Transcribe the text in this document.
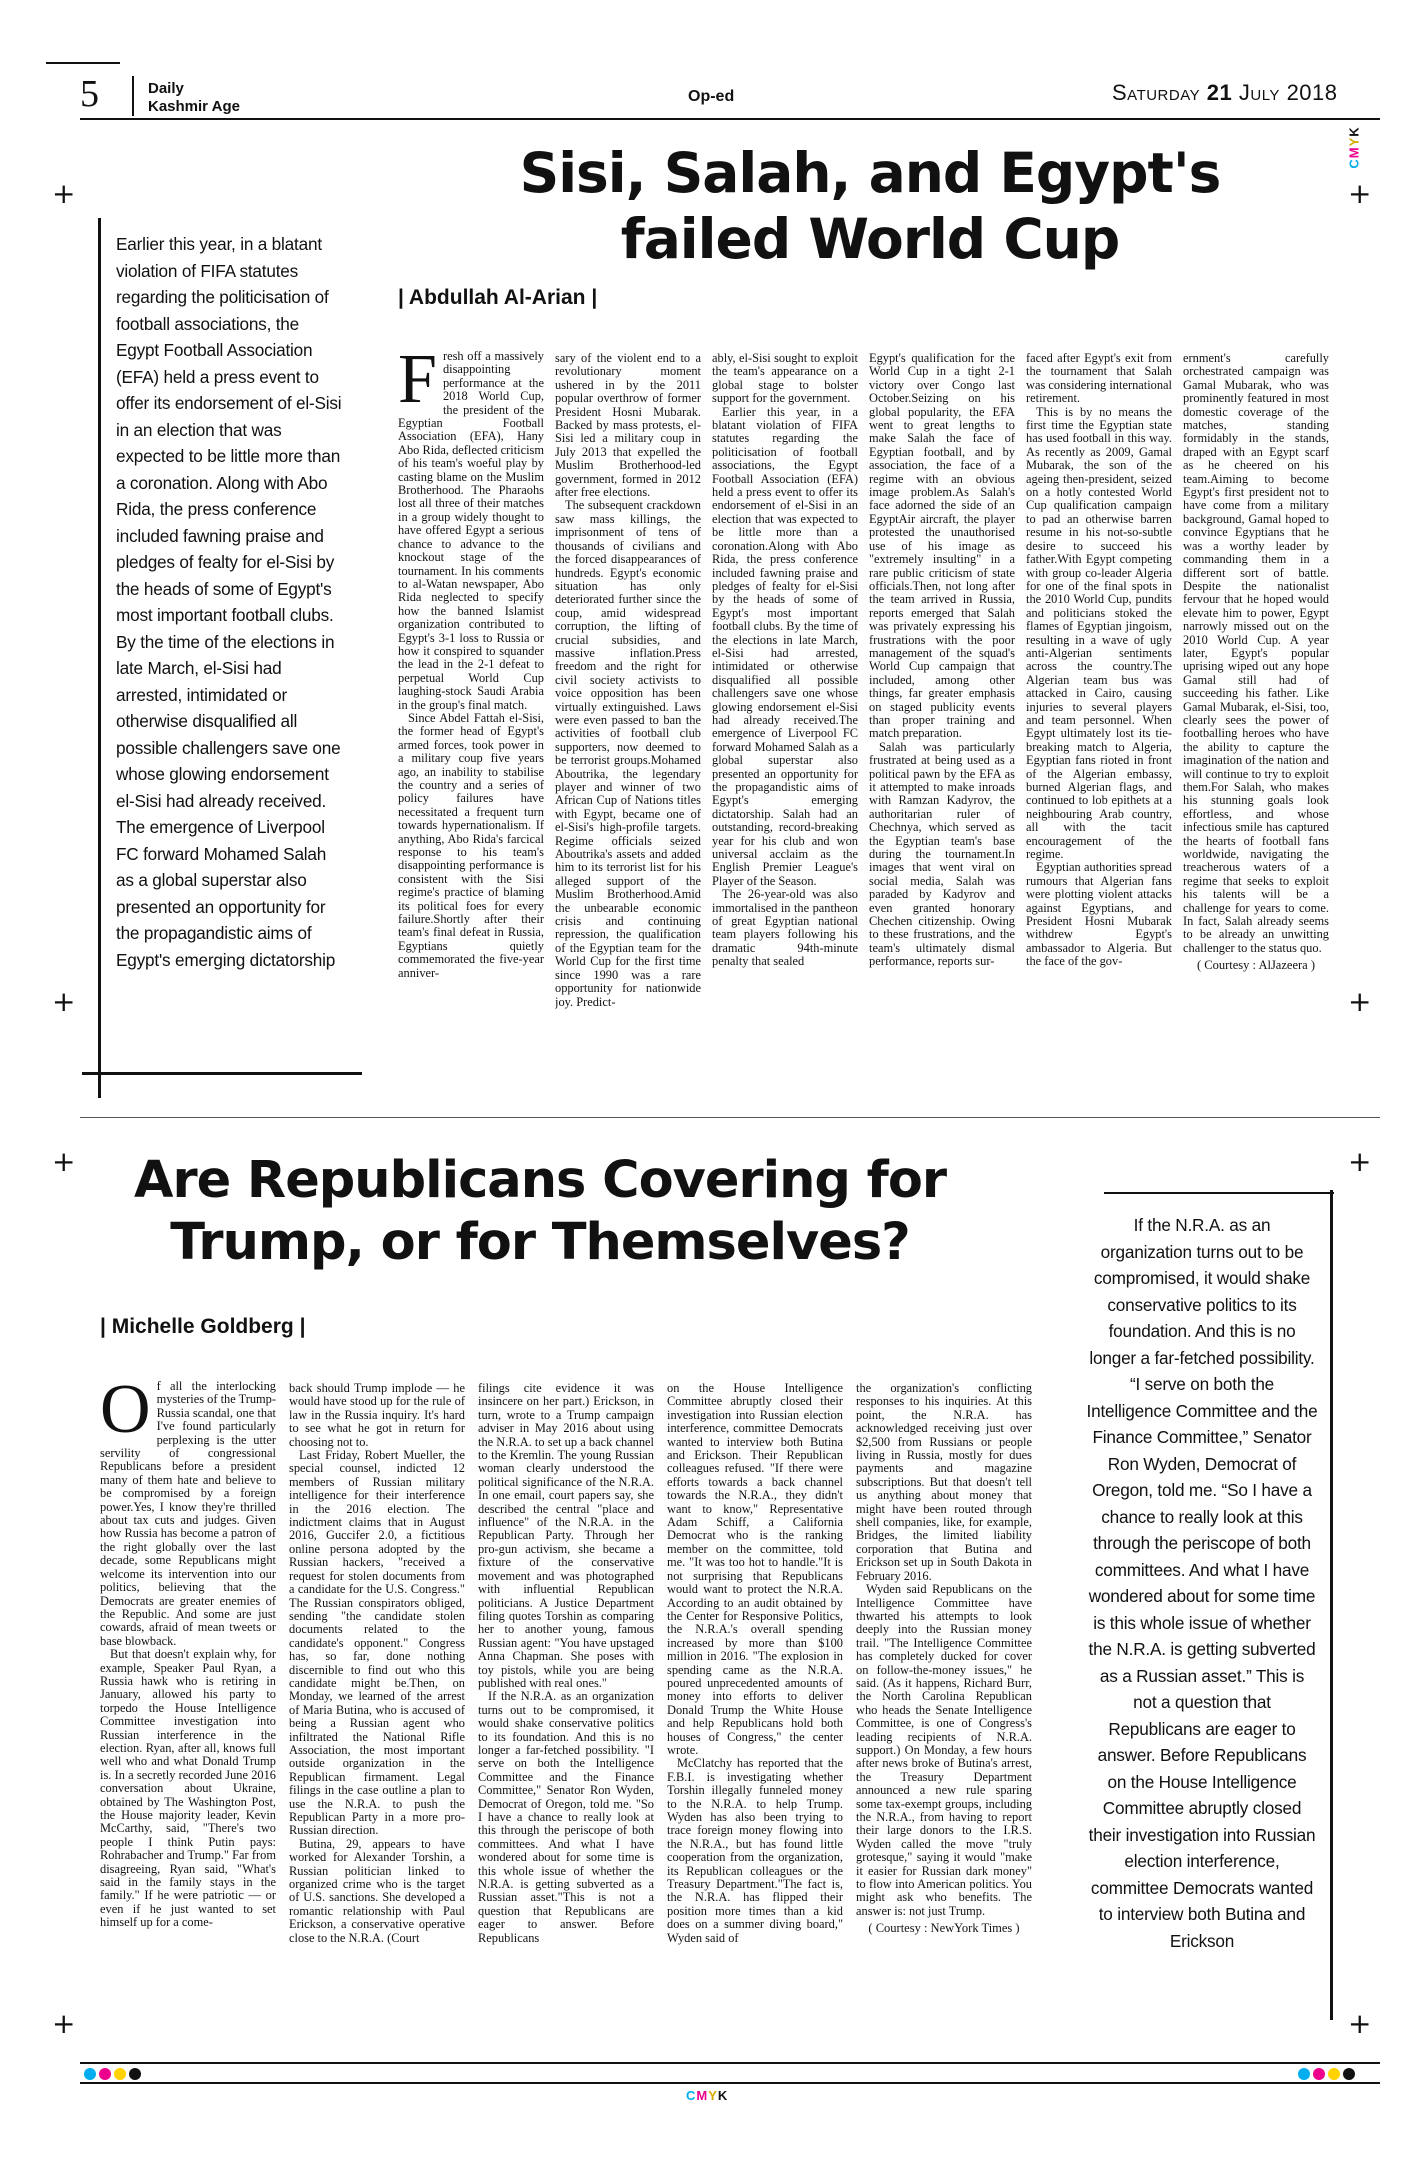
5	Daily
Kashmir Age
Op-ed	Saturday 21 July 2018
CMYK
+	+
+	+
+	+
+	+
Sisi, Salah, and Egypt's
failed World Cup
| Abdullah Al-Arian |
Earlier this year, in a blatant violation of FIFA statutes regarding the politicisation of football associations, the Egypt Football Association (EFA) held a press event to offer its endorsement of el-Sisi in an election that was expected to be little more than a coronation. Along with Abo Rida, the press conference included fawning praise and pledges of fealty for el-Sisi by the heads of some of Egypt's most important football clubs. By the time of the elections in late March, el-Sisi had arrested, intimidated or otherwise disqualified all possible challengers save one whose glowing endorsement el-Sisi had already received. The emergence of Liverpool FC forward Mohamed Salah as a global superstar also presented an opportunity for the propagandistic aims of Egypt's emerging dictatorship
F resh off a massively disappointing performance at the 2018 World Cup, the president of the Egyptian Football Association (EFA), Hany Abo Rida, deflected criticism of his team's woeful play by casting blame on the Muslim Brotherhood. The Pharaohs lost all three of their matches in a group widely thought to have offered Egypt a serious chance to advance to the knockout stage of the tournament. In his comments to al-Watan newspaper, Abo Rida neglected to specify how the banned Islamist organization contributed to Egypt's 3-1 loss to Russia or how it conspired to squander the lead in the 2-1 defeat to perpetual World Cup laughing-stock Saudi Arabia in the group's final match.

Since Abdel Fattah el-Sisi, the former head of Egypt's armed forces, took power in a military coup five years ago, an inability to stabilise the country and a series of policy failures have necessitated a frequent turn towards hypernationalism. If anything, Abo Rida's farcical response to his team's disappointing performance is consistent with the Sisi regime's practice of blaming its political foes for every failure.Shortly after their team's final defeat in Russia, Egyptians quietly commemorated the five-year anniver-

sary of the violent end to a revolutionary moment ushered in by the 2011 popular overthrow of former President Hosni Mubarak. Backed by mass protests, el-Sisi led a military coup in July 2013 that expelled the Muslim Brotherhood-led government, formed in 2012 after free elections.

The subsequent crackdown saw mass killings, the imprisonment of tens of thousands of civilians and the forced disappearances of hundreds. Egypt's economic situation has only deteriorated further since the coup, amid widespread corruption, the lifting of crucial subsidies, and massive inflation.Press freedom and the right for civil society activists to voice opposition has been virtually extinguished. Laws were even passed to ban the activities of football club supporters, now deemed to be terrorist groups.Mohamed Aboutrika, the legendary player and winner of two African Cup of Nations titles with Egypt, became one of el-Sisi's high-profile targets. Regime officials seized Aboutrika's assets and added him to its terrorist list for his alleged support of the Muslim Brotherhood.Amid the unbearable economic crisis and continuing repression, the qualification of the Egyptian team for the World Cup for the first time since 1990 was a rare opportunity for nationwide joy. Predict-

ably, el-Sisi sought to exploit the team's appearance on a global stage to bolster support for the government.

Earlier this year, in a blatant violation of FIFA statutes regarding the politicisation of football associations, the Egypt Football Association (EFA) held a press event to offer its endorsement of el-Sisi in an election that was expected to be little more than a coronation.Along with Abo Rida, the press conference included fawning praise and pledges of fealty for el-Sisi by the heads of some of Egypt's most important football clubs. By the time of the elections in late March, el-Sisi had arrested, intimidated or otherwise disqualified all possible challengers save one whose glowing endorsement el-Sisi had already received.The emergence of Liverpool FC forward Mohamed Salah as a global superstar also presented an opportunity for the propagandistic aims of Egypt's emerging dictatorship. Salah had an outstanding, record-breaking year for his club and won universal acclaim as the English Premier League's Player of the Season.

The 26-year-old was also immortalised in the pantheon of great Egyptian national team players following his dramatic 94th-minute penalty that sealed

Egypt's qualification for the World Cup in a tight 2-1 victory over Congo last October.Seizing on his global popularity, the EFA went to great lengths to make Salah the face of Egyptian football, and by association, the face of a regime with an obvious image problem.As Salah's face adorned the side of an EgyptAir aircraft, the player protested the unauthorised use of his image as "extremely insulting" in a rare public criticism of state officials.Then, not long after the team arrived in Russia, reports emerged that Salah was privately expressing his frustrations with the poor management of the squad's World Cup campaign that included, among other things, far greater emphasis on staged publicity events than proper training and match preparation.

Salah was particularly frustrated at being used as a political pawn by the EFA as it attempted to make inroads with Ramzan Kadyrov, the authoritarian ruler of Chechnya, which served as the Egyptian team's base during the tournament.In images that went viral on social media, Salah was paraded by Kadyrov and even granted honorary Chechen citizenship. Owing to these frustrations, and the team's ultimately dismal performance, reports sur-

faced after Egypt's exit from the tournament that Salah was considering international retirement.

This is by no means the first time the Egyptian state has used football in this way. As recently as 2009, Gamal Mubarak, the son of the ageing then-president, seized on a hotly contested World Cup qualification campaign to pad an otherwise barren resume in his not-so-subtle desire to succeed his father.With Egypt competing with group co-leader Algeria for one of the final spots in the 2010 World Cup, pundits and politicians stoked the flames of Egyptian jingoism, resulting in a wave of ugly anti-Algerian sentiments across the country.The Algerian team bus was attacked in Cairo, causing injuries to several players and team personnel. When Egypt ultimately lost its tie-breaking match to Algeria, Egyptian fans rioted in front of the Algerian embassy, burned Algerian flags, and continued to lob epithets at a neighbouring Arab country, all with the tacit encouragement of the regime.

Egyptian authorities spread rumours that Algerian fans were plotting violent attacks against Egyptians, and President Hosni Mubarak withdrew Egypt's ambassador to Algeria. But the face of the gov-

ernment's carefully orchestrated campaign was Gamal Mubarak, who was prominently featured in most domestic coverage of the matches, standing formidably in the stands, draped with an Egypt scarf as he cheered on his team.Aiming to become Egypt's first president not to have come from a military background, Gamal hoped to convince Egyptians that he was a worthy leader by commanding them in a different sort of battle. Despite the nationalist fervour that he hoped would elevate him to power, Egypt narrowly missed out on the 2010 World Cup. A year later, Egypt's popular uprising wiped out any hope Gamal still had of succeeding his father. Like Gamal Mubarak, el-Sisi, too, clearly sees the power of footballing heroes who have the ability to capture the imagination of the nation and will continue to try to exploit them.For Salah, who makes his stunning goals look effortless, and whose infectious smile has captured the hearts of football fans worldwide, navigating the treacherous waters of a regime that seeks to exploit his talents will be a challenge for years to come. In fact, Salah already seems to be already an unwitting challenger to the status quo.

( Courtesy : AlJazeera )
Are Republicans Covering for
Trump, or for Themselves?
| Michelle Goldberg |
If the N.R.A. as an organization turns out to be compromised, it would shake conservative politics to its foundation. And this is no longer a far-fetched possibility. “I serve on both the Intelligence Committee and the Finance Committee,” Senator Ron Wyden, Democrat of Oregon, told me. “So I have a chance to really look at this through the periscope of both committees. And what I have wondered about for some time is this whole issue of whether the N.R.A. is getting subverted as a Russian asset.” This is not a question that Republicans are eager to answer. Before Republicans on the House Intelligence Committee abruptly closed their investigation into Russian election interference, committee Democrats wanted to interview both Butina and Erickson
O f all the interlocking mysteries of the Trump-Russia scandal, one that I've found particularly perplexing is the utter servility of congressional Republicans before a president many of them hate and believe to be compromised by a foreign power.Yes, I know they're thrilled about tax cuts and judges. Given how Russia has become a patron of the right globally over the last decade, some Republicans might welcome its intervention into our politics, believing that the Democrats are greater enemies of the Republic. And some are just cowards, afraid of mean tweets or base blowback.

But that doesn't explain why, for example, Speaker Paul Ryan, a Russia hawk who is retiring in January, allowed his party to torpedo the House Intelligence Committee investigation into Russian interference in the election. Ryan, after all, knows full well who and what Donald Trump is. In a secretly recorded June 2016 conversation about Ukraine, obtained by The Washington Post, the House majority leader, Kevin McCarthy, said, "There's two people I think Putin pays: Rohrabacher and Trump." Far from disagreeing, Ryan said, "What's said in the family stays in the family." If he were patriotic — or even if he just wanted to set himself up for a come-

back should Trump implode — he would have stood up for the rule of law in the Russia inquiry. It's hard to see what he got in return for choosing not to.

Last Friday, Robert Mueller, the special counsel, indicted 12 members of Russian military intelligence for their interference in the 2016 election. The indictment claims that in August 2016, Guccifer 2.0, a fictitious online persona adopted by the Russian hackers, "received a request for stolen documents from a candidate for the U.S. Congress." The Russian conspirators obliged, sending "the candidate stolen documents related to the candidate's opponent." Congress has, so far, done nothing discernible to find out who this candidate might be.Then, on Monday, we learned of the arrest of Maria Butina, who is accused of being a Russian agent who infiltrated the National Rifle Association, the most important outside organization in the Republican firmament. Legal filings in the case outline a plan to use the N.R.A. to push the Republican Party in a more pro-Russian direction.

Butina, 29, appears to have worked for Alexander Torshin, a Russian politician linked to organized crime who is the target of U.S. sanctions. She developed a romantic relationship with Paul Erickson, a conservative operative close to the N.R.A. (Court

filings cite evidence it was insincere on her part.) Erickson, in turn, wrote to a Trump campaign adviser in May 2016 about using the N.R.A. to set up a back channel to the Kremlin. The young Russian woman clearly understood the political significance of the N.R.A. In one email, court papers say, she described the central "place and influence" of the N.R.A. in the Republican Party. Through her pro-gun activism, she became a fixture of the conservative movement and was photographed with influential Republican politicians. A Justice Department filing quotes Torshin as comparing her to another young, famous Russian agent: "You have upstaged Anna Chapman. She poses with toy pistols, while you are being published with real ones."

If the N.R.A. as an organization turns out to be compromised, it would shake conservative politics to its foundation. And this is no longer a far-fetched possibility. "I serve on both the Intelligence Committee and the Finance Committee," Senator Ron Wyden, Democrat of Oregon, told me. "So I have a chance to really look at this through the periscope of both committees. And what I have wondered about for some time is this whole issue of whether the N.R.A. is getting subverted as a Russian asset."This is not a question that Republicans are eager to answer. Before Republicans

on the House Intelligence Committee abruptly closed their investigation into Russian election interference, committee Democrats wanted to interview both Butina and Erickson. Their Republican colleagues refused. "If there were efforts towards a back channel towards the N.R.A., they didn't want to know," Representative Adam Schiff, a California Democrat who is the ranking member on the committee, told me. "It was too hot to handle."It is not surprising that Republicans would want to protect the N.R.A. According to an audit obtained by the Center for Responsive Politics, the N.R.A.'s overall spending increased by more than $100 million in 2016. "The explosion in spending came as the N.R.A. poured unprecedented amounts of money into efforts to deliver Donald Trump the White House and help Republicans hold both houses of Congress," the center wrote.

McClatchy has reported that the F.B.I. is investigating whether Torshin illegally funneled money to the N.R.A. to help Trump. Wyden has also been trying to trace foreign money flowing into the N.R.A., but has found little cooperation from the organization, its Republican colleagues or the Treasury Department."The fact is, the N.R.A. has flipped their position more times than a kid does on a summer diving board," Wyden said of

the organization's conflicting responses to his inquiries. At this point, the N.R.A. has acknowledged receiving just over $2,500 from Russians or people living in Russia, mostly for dues payments and magazine subscriptions. But that doesn't tell us anything about money that might have been routed through shell companies, like, for example, Bridges, the limited liability corporation that Butina and Erickson set up in South Dakota in February 2016.

Wyden said Republicans on the Intelligence Committee have thwarted his attempts to look deeply into the Russian money trail. "The Intelligence Committee has completely ducked for cover on follow-the-money issues," he said. (As it happens, Richard Burr, the North Carolina Republican who heads the Senate Intelligence Committee, is one of Congress's leading recipients of N.R.A. support.) On Monday, a few hours after news broke of Butina's arrest, the Treasury Department announced a new rule sparing some tax-exempt groups, including the N.R.A., from having to report their large donors to the I.R.S. Wyden called the move "truly grotesque," saying it would "make it easier for Russian dark money" to flow into American politics. You might ask who benefits. The answer is: not just Trump.

( Courtesy : NewYork Times )
CMYK
